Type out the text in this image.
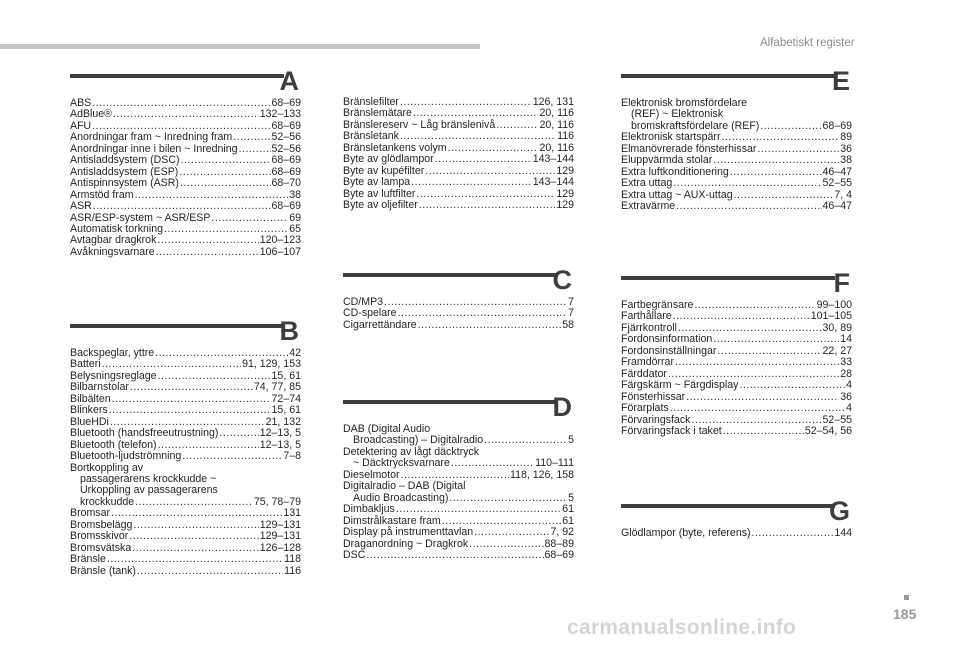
Alfabetiskt register
A
ABS .....	68–69
AdBlue® .....	132–133
AFU .....	68–69
Anordningar fram ~ Inredning fram .....	52–56
Anordningar inne i bilen ~ Inredning .....	52–56
Antisladdsystem (DSC) .....	68–69
Antisladdsystem (ESP) .....	68–69
Antispinnsystem (ASR) .....	68–70
Armstöd fram .....	38
ASR .....	68–69
ASR/ESP-system ~ ASR/ESP .....	69
Automatisk torkning .....	65
Avtagbar dragkrok .....	120–123
Avåkningsvarnare .....	106–107
B
Backspeglar, yttre .....	42
Batteri .....	91, 129, 153
Belysningsreglage .....	15, 61
Bilbarnstolar .....	74, 77, 85
Bilbälten .....	72–74
Blinkers .....	15, 61
BlueHDi .....	21, 132
Bluetooth (handsfreeutrustning) .....	12–13, 5
Bluetooth (telefon) .....	12–13, 5
Bluetooth-ljudströmning .....	7–8
Bortkoppling av
passagerarens krockkudde ~
Urkoppling av passagerarens
krockkudde .....	75, 78–79
Bromsar .....	131
Bromsbelägg .....	129–131
Bromsskivor .....	129–131
Bromsvätska .....	126–128
Bränsle .....	118
Bränsle (tank) .....	116
Bränslefilter .....	126, 131
Bränslemätare .....	20, 116
Bränslereserv ~ Låg bränslenivå .....	20, 116
Bränsletank .....	116
Bränsletankens volym .....	20, 116
Byte av glödlampor .....	143–144
Byte av kupéfilter .....	129
Byte av lampa .....	143–144
Byte av luftfilter .....	129
Byte av oljefilter .....	129
C
CD/MP3 .....	7
CD-spelare .....	7
Cigarrettändare .....	58
D
DAB (Digital Audio
Broadcasting) – Digitalradio .....	5
Detektering av lågt däcktryck
~ Däcktrycksvarnare .....	110–111
Dieselmotor .....	118, 126, 158
Digitalradio – DAB (Digital
Audio Broadcasting) .....	5
Dimbakljus .....	61
Dimstrålkastare fram .....	61
Display på instrumenttavlan .....	7, 92
Draganordning ~ Dragkrok .....	88–89
DSC .....	68–69
E
Elektronisk bromsfördelare
(REF) ~ Elektronisk
bromskraftsfördelare (REF) .....	68–69
Elektronisk startspärr .....	89
Elmanövrerade fönsterhissar .....	36
Eluppvärmda stolar .....	38
Extra luftkonditionering .....	46–47
Extra uttag .....	52–55
Extra uttag ~ AUX-uttag .....	7, 4
Extravärme .....	46–47
F
Fartbegränsare .....	99–100
Farthållare .....	101–105
Fjärrkontroll .....	30, 89
Fordonsinformation .....	14
Fordonsinställningar .....	22, 27
Framdörrar .....	33
Färddator .....	28
Färgskärm ~ Färgdisplay .....	4
Fönsterhissar .....	36
Förarplats .....	4
Förvaringsfack .....	52–55
Förvaringsfack i taket .....	52–54, 56
G
Glödlampor (byte, referens) .....	144
carmanualsonline.info
185
